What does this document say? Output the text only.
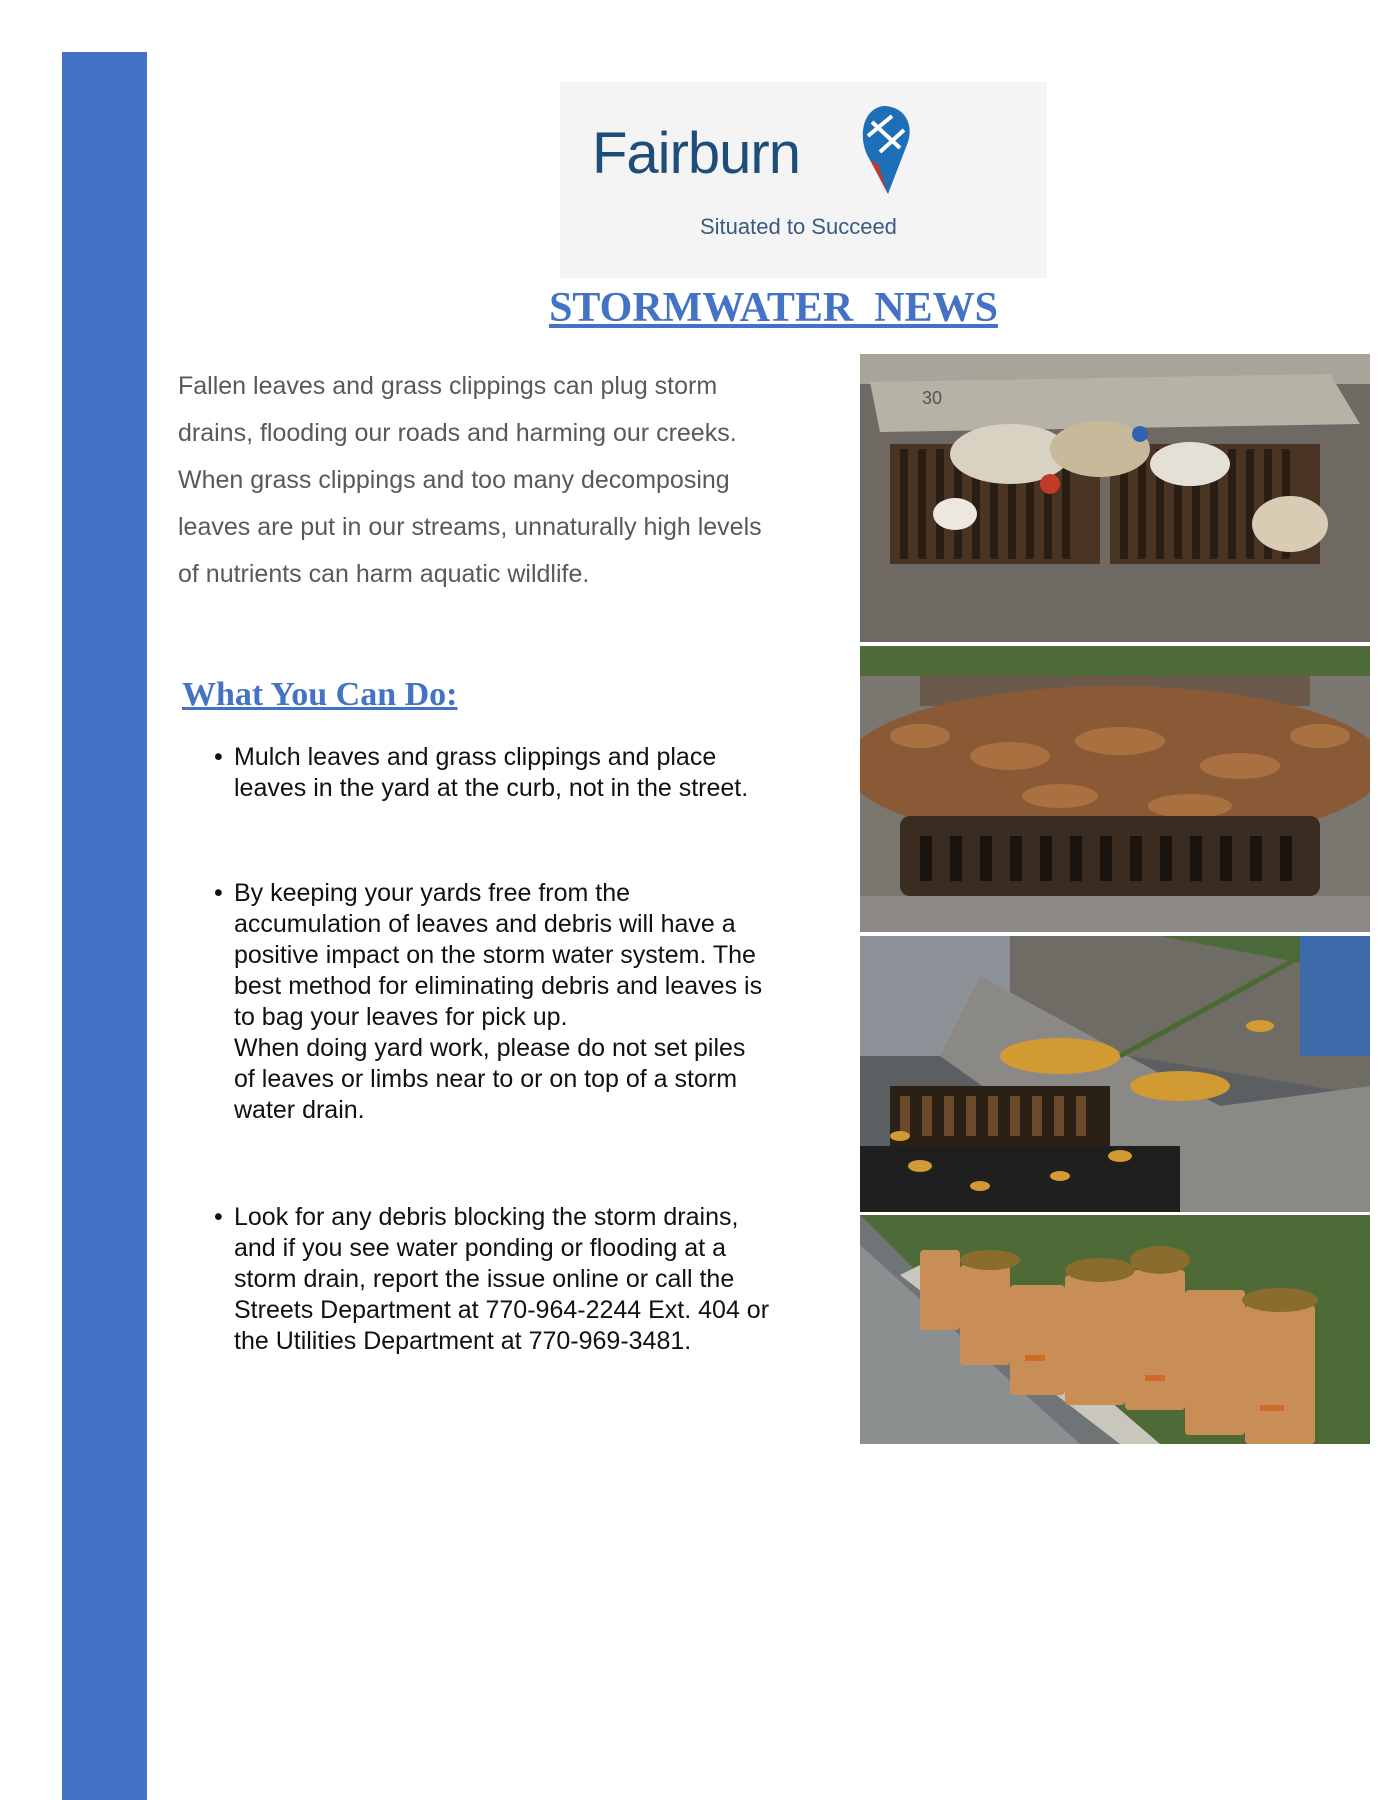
Fairburn
Situated to Succeed
STORMWATER  NEWS
Fallen leaves and grass clippings can plug storm
drains, flooding our roads and harming our creeks.
When grass clippings and too many decomposing
leaves are put in our streams, unnaturally high levels
of nutrients can harm aquatic wildlife.
What You Can Do:
• Mulch leaves and grass clippings and place
leaves in the yard at the curb, not in the street.
• By keeping your yards free from the
accumulation of leaves and debris will have a
positive impact on the storm water system. The
best method for eliminating debris and leaves is
to bag your leaves for pick up.
When doing yard work, please do not set piles
of leaves or limbs near to or on top of a storm
water drain.
• Look for any debris blocking the storm drains,
and if you see water ponding or flooding at a
storm drain, report the issue online or call the
Streets Department at 770-964-2244 Ext. 404 or
the Utilities Department at 770-969-3481.
30
